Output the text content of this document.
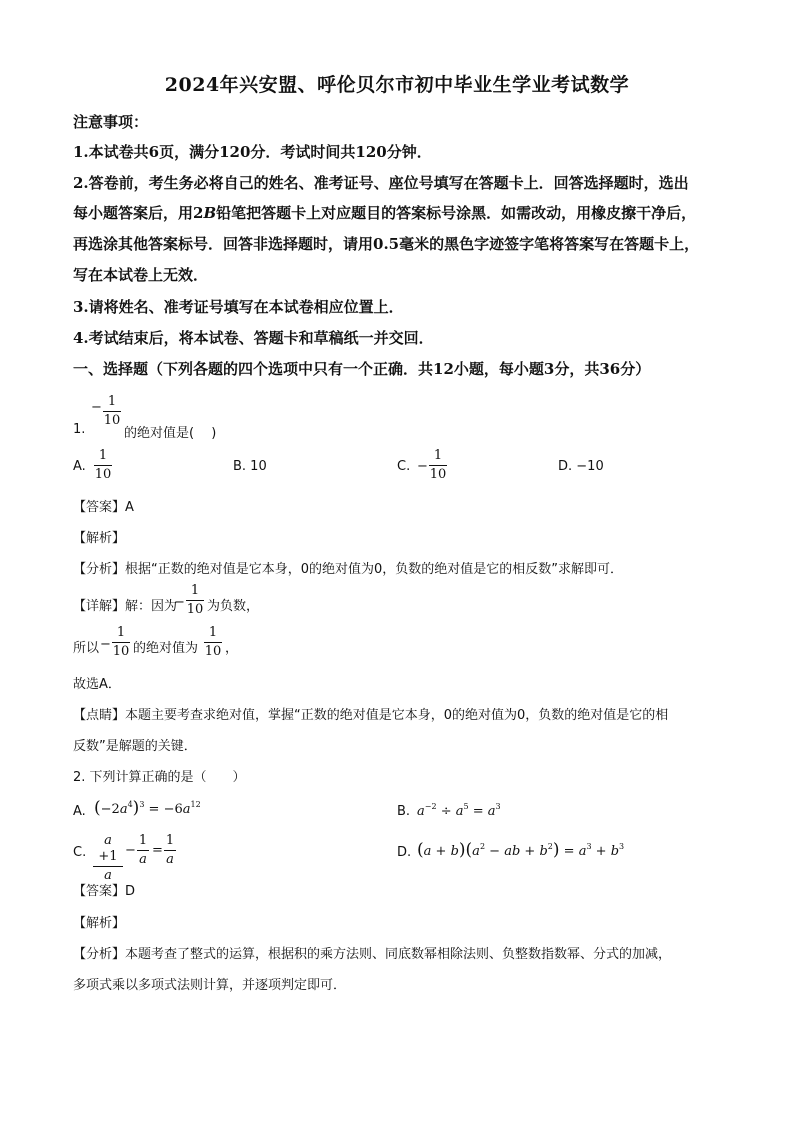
2024年兴安盟、呼伦贝尔市初中毕业生学业考试数学
注意事项：
1.本试卷共6页，满分120分．考试时间共120分钟．
2.答卷前，考生务必将自己的姓名、准考证号、座位号填写在答题卡上．回答选择题时，选出
每小题答案后，用2B铅笔把答题卡上对应题目的答案标号涂黑．如需改动，用橡皮擦干净后，
再选涂其他答案标号．回答非选择题时，请用0.5毫米的黑色字迹签字笔将答案写在答题卡上，
写在本试卷上无效．
3.请将姓名、准考证号填写在本试卷相应位置上．
4.考试结束后，将本试卷、答题卡和草稿纸一并交回．
一、选择题（下列各题的四个选项中只有一个正确．共12小题，每小题3分，共36分）
1.
− 1
10
的绝对值是(　 )
A.
1
10
B. 10	C. −
1
10
D. −10
【答案】A
【解析】
【分析】根据“正数的绝对值是它本身，0的绝对值为0，负数的绝对值是它的相反数”求解即可．
【详解】解：因为
−
1
10 为负数，
所以 −
1
10 的绝对值为
1
10 ，
故选A．
【点睛】本题主要考查求绝对值，掌握“正数的绝对值是它本身，0的绝对值为0，负数的绝对值是它的相
反数”是解题的关键．
2. 下列计算正确的是（　　）
A. $(-2a^4)^3 = -6a^{12}$	B. $a^{-2} \div a^5 = a^3$
C.
a +1
a
−
1
a
=
1
a	D. $(a + b)(a^2$ − ab + $b^2) = a^3 + b^3$
【答案】D
【解析】
【分析】本题考查了整式的运算，根据积的乘方法则、同底数幂相除法则、负整数指数幂、分式的加减，
多项式乘以多项式法则计算，并逐项判定即可．
